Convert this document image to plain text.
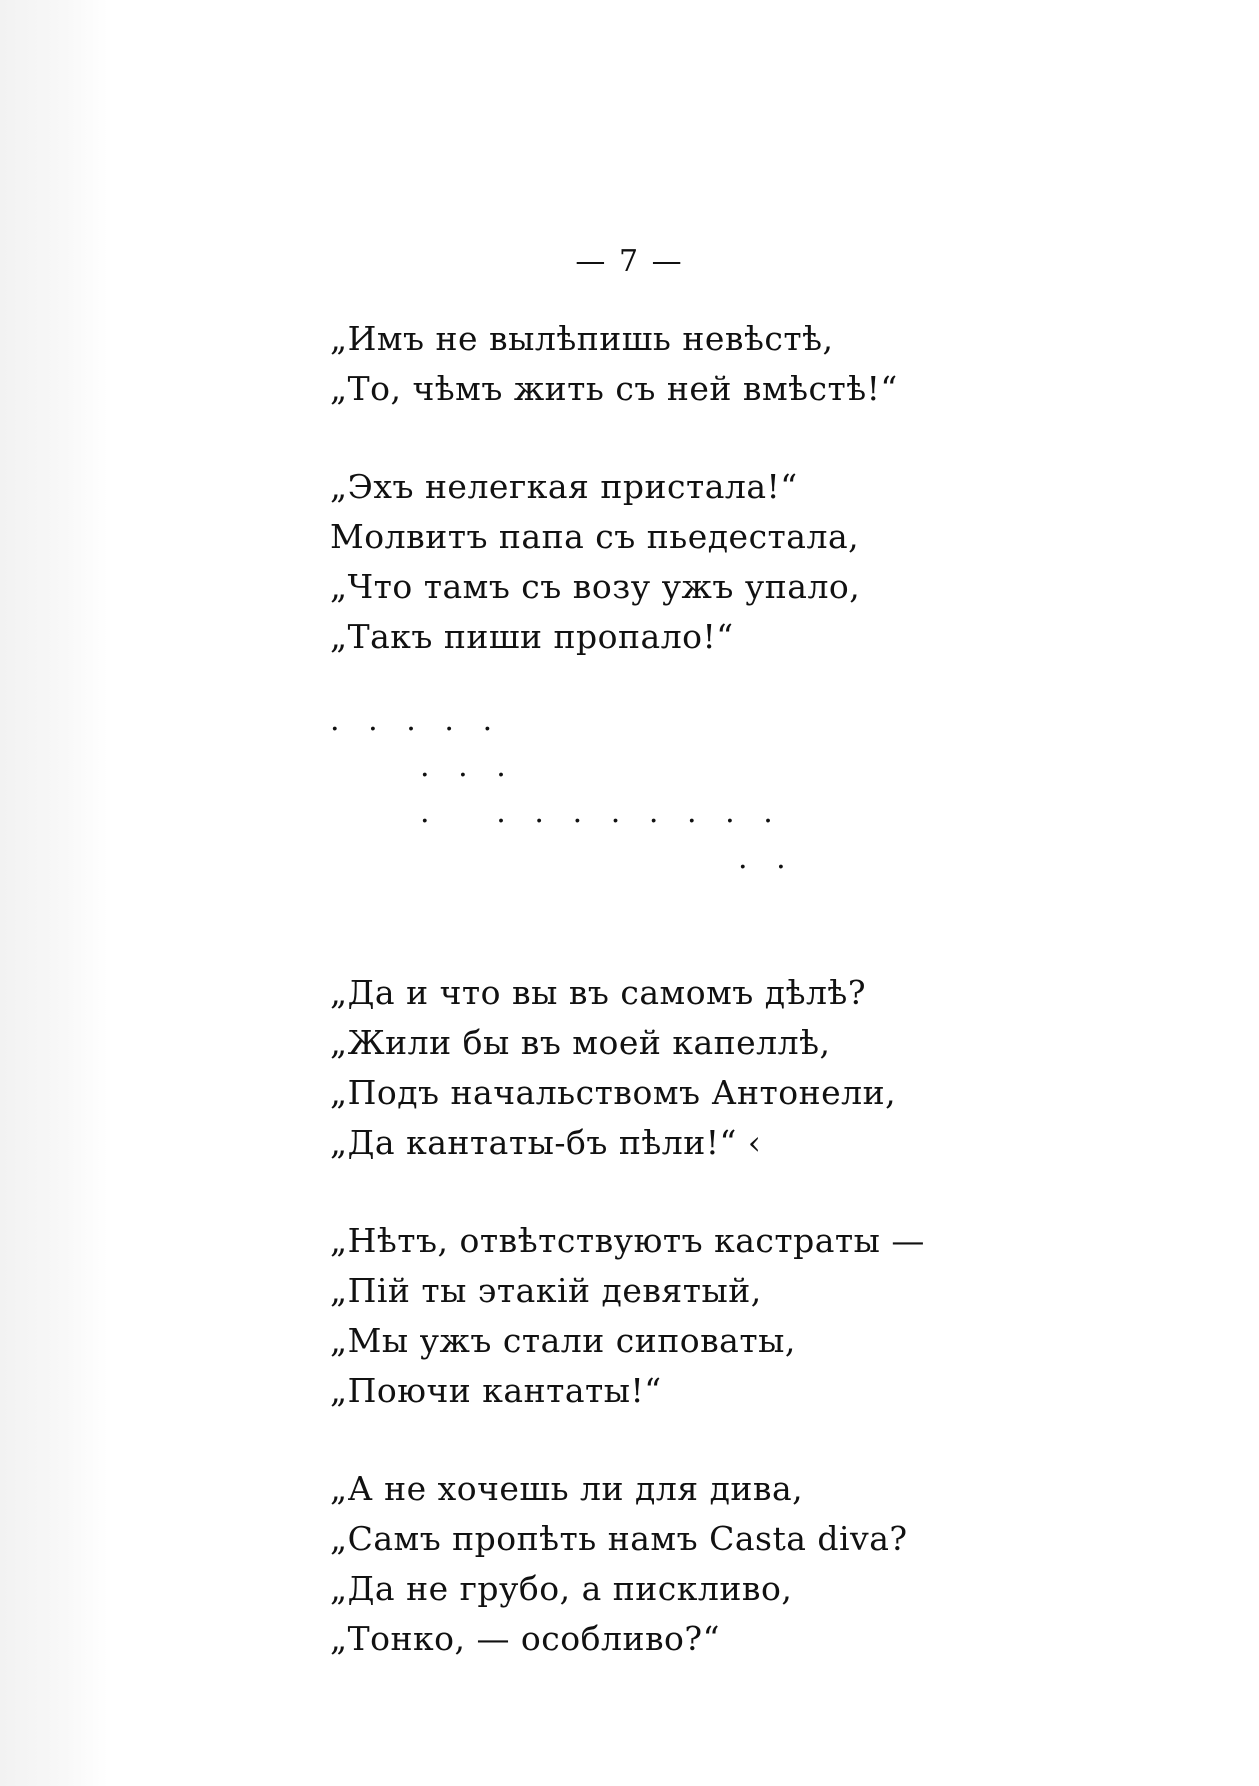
— 7 —
„Имъ не вылѣпишь невѣстѣ,
„То, чѣмъ жить съ ней вмѣстѣ!“
„Эхъ нелегкая пристала!“
Молвитъ папа съ пьедестала,
„Что тамъ съ возу ужъ упало,
„Такъ пиши пропало!“
.   .   .   .   .
.   .   .
.       .   .   .   .   .   .   .   .
.   .
„Да и что вы въ самомъ дѣлѣ?
„Жили бы въ моей капеллѣ,
„Подъ начальствомъ Антонели,
„Да кантаты-бъ пѣли!“ ‹
„Нѣтъ, отвѣтствуютъ кастраты —
„Пій ты этакій девятый,
„Мы ужъ стали сиповаты,
„Поючи кантаты!“
„А не хочешь ли для дива,
„Самъ пропѣть намъ Casta diva?
„Да не грубо, а пискливо,
„Тонко, — особливо?“
